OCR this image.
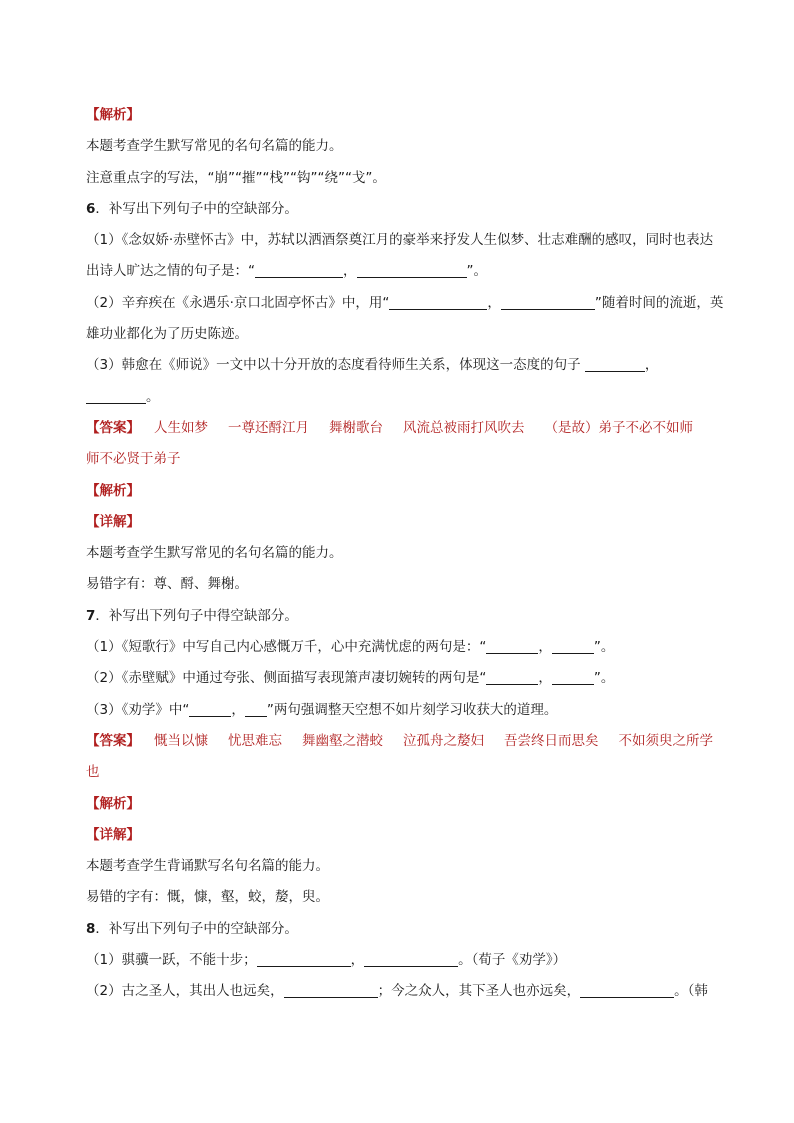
【解析】
本题考查学生默写常见的名句名篇的能力。
注意重点字的写法，“崩”“摧”“栈”“钩”“绕”“戈”。
6．补写出下列句子中的空缺部分。
（1）《念奴娇·赤壁怀古》中，苏轼以洒酒祭奠江月的豪举来抒发人生似梦、壮志难酬的感叹，同时也表达
出诗人旷达之情的句子是：“	，	”。
（2）辛弃疾在《永遇乐·京口北固亭怀古》中，用“	，	”随着时间的流逝，英
雄功业都化为了历史陈迹。
（3）韩愈在《师说》一文中以十分开放的态度看待师生关系，体现这一态度的句子	，
。
【答案】 人生如梦 一尊还酹江月 舞榭歌台 风流总被雨打风吹去 （是故）弟子不必不如师
师不必贤于弟子
【解析】
【详解】
本题考查学生默写常见的名句名篇的能力。
易错字有：尊、酹、舞榭。
7．补写出下列句子中得空缺部分。
（1）《短歌行》中写自己内心感慨万千，心中充满忧虑的两句是：“	，	”。
（2）《赤壁赋》中通过夸张、侧面描写表现箫声凄切婉转的两句是“	，	”。
（3）《劝学》中“	， ”两句强调整天空想不如片刻学习收获大的道理。
【答案】 慨当以慷 忧思难忘 舞幽壑之潜蛟 泣孤舟之嫠妇 吾尝终日而思矣 不如须臾之所学
也
【解析】
【详解】
本题考查学生背诵默写名句名篇的能力。
易错的字有：慨，慷，壑，蛟，嫠，臾。
8．补写出下列句子中的空缺部分。
（1）骐骥一跃，不能十步；	，	。（荀子《劝学》）
（2）古之圣人，其出人也远矣，	；今之众人，其下圣人也亦远矣，	。（韩
